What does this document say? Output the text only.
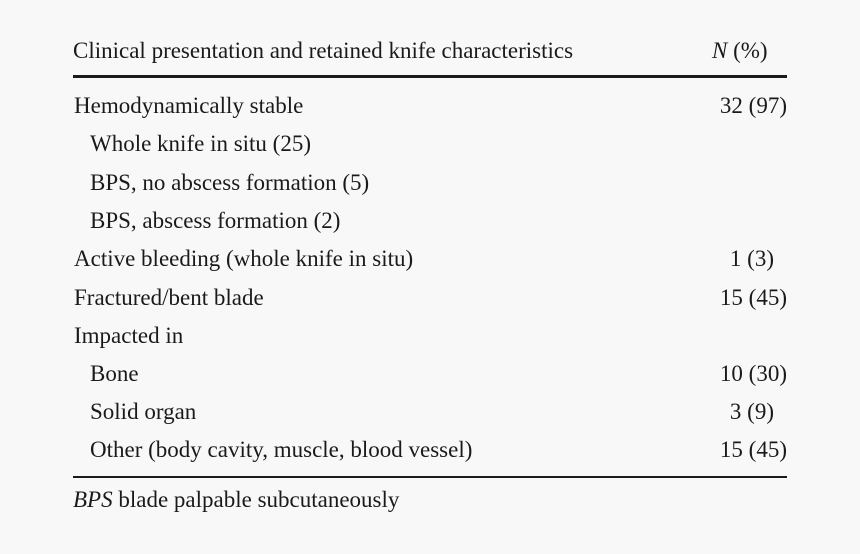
Clinical presentation and retained knife characteristics	N (%)
Hemodynamically stable	32 (97)
Whole knife in situ (25)
BPS, no abscess formation (5)
BPS, abscess formation (2)
Active bleeding (whole knife in situ)	1 (3)
Fractured/bent blade	15 (45)
Impacted in
Bone	10 (30)
Solid organ	3 (9)
Other (body cavity, muscle, blood vessel)	15 (45)
BPS blade palpable subcutaneously
